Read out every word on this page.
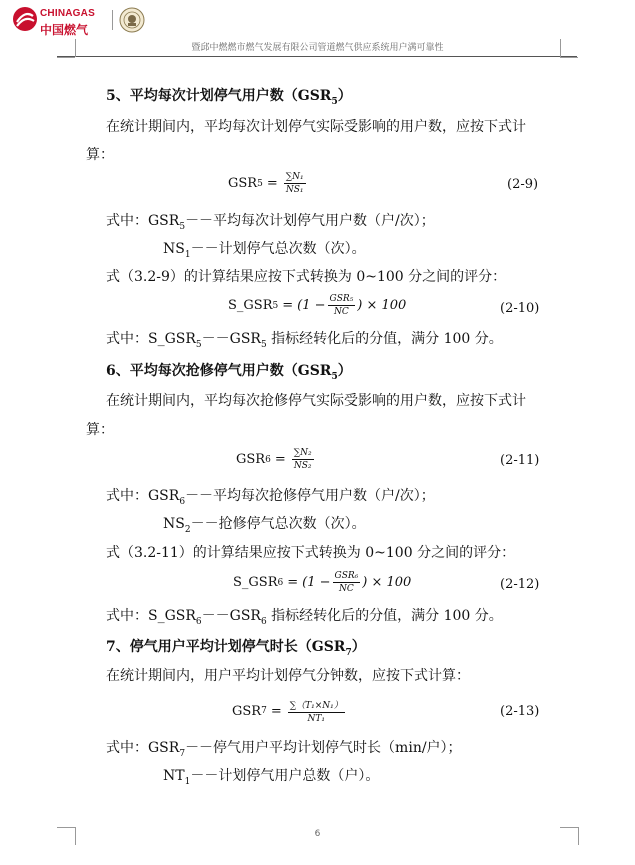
CHINAGAS
中国燃气
暨邱中燃燃市燃气发展有限公司管道燃气供应系统用户满可靠性
5、平均每次计划停气用户数$(GSR_5)$
在统计期间内，平均每次计划停气实际受影响的用户数，应按下式计
算：
GSR $5 = \frac{\text{∑N₁}}{\text{NS₁}}$	(2-9)
式中：$GSR_5--$平均每次计划停气用户数（户/次）；
$NS_1--$计划停气总次数（次）。
式（3.2-9）的计算结果应按下式转换为 0~100 分之间的评分：
S_GSR $5 = (1 - \frac{\text{GSR₅}}{NC}$ ) × 100	(2-10)
式中：$S\_GSR_5--GSR_5$ 指标经转化后的分值，满分 100 分。
6、平均每次抢修停气用户数$(GSR_5)$
在统计期间内，平均每次抢修停气实际受影响的用户数，应按下式计
算：
GSR $6 = \frac{\text{∑N₂}}{\text{NS₂}}$	(2-11)
式中：$GSR_6--$平均每次抢修停气用户数（户/次）；
$NS_2--$抢修停气总次数（次）。
式（3.2-11）的计算结果应按下式转换为 0~100 分之间的评分：
S_GSR $6 = (1 - \frac{\text{GSR₆}}{NC}$ ) × 100	(2-12)
式中：$S\_GSR_6--GSR_6$ 指标经转化后的分值，满分 100 分。
7、停气用户平均计划停气时长$(GSR_7)$
在统计期间内，用户平均计划停气分钟数，应按下式计算：
GSR $7 = \frac{\text{∑（T₁×N₁）}}{\text{NT₁}}$	(2-13)
式中：$GSR_7--$停气用户平均计划停气时长（min/户）；
$NT_1--$计划停气用户总数（户）。
6
